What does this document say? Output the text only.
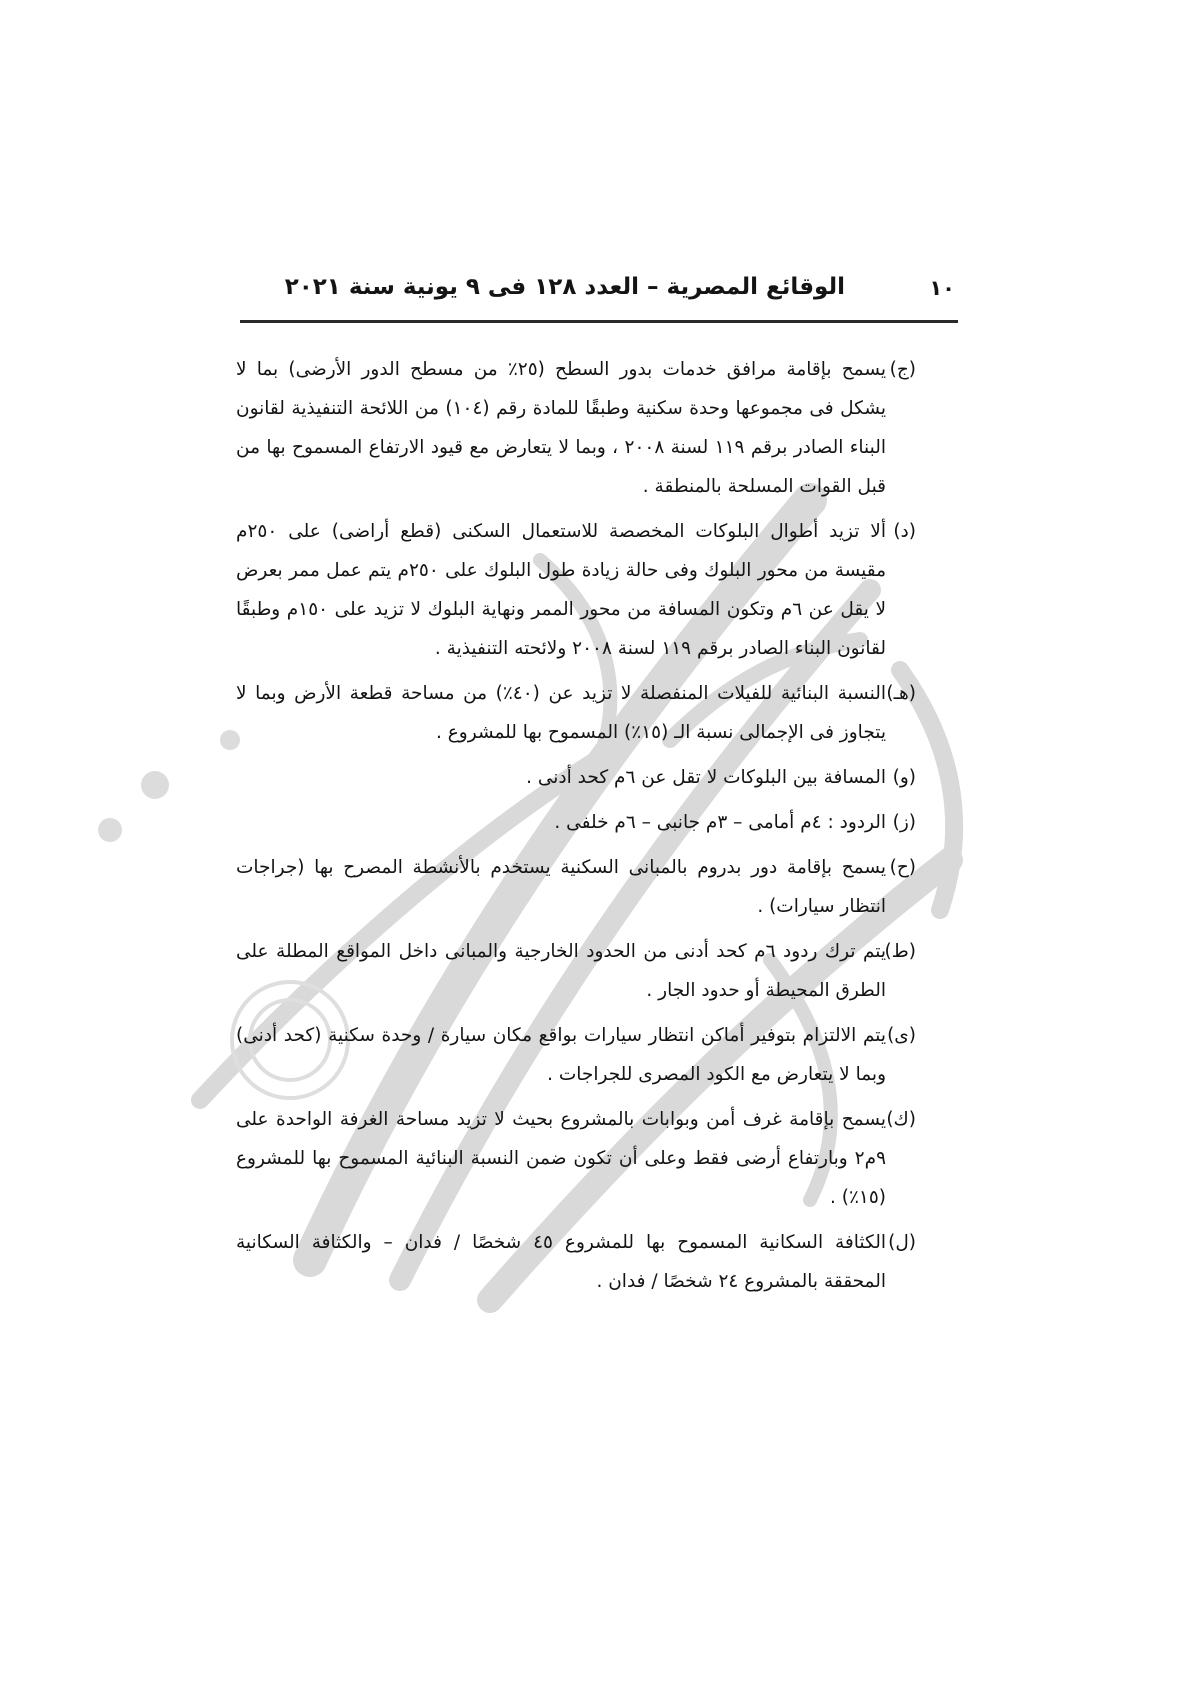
١٠
الوقائع المصرية – العدد ١٢٨ فى ٩ يونية سنة ٢٠٢١
(ج)
يسمح بإقامة مرافق خدمات بدور السطح (٢٥٪ من مسطح الدور الأرضى) بما لا يشكل فى مجموعها وحدة سكنية وطبقًا للمادة رقم (١٠٤) من اللائحة التنفيذية لقانون البناء الصادر برقم ١١٩ لسنة ٢٠٠٨ ، وبما لا يتعارض مع قيود الارتفاع المسموح بها من قبل القوات المسلحة بالمنطقة .
(د)
ألا تزيد أطوال البلوكات المخصصة للاستعمال السكنى (قطع أراضى) على ٢٥٠م مقيسة من محور البلوك وفى حالة زيادة طول البلوك على ٢٥٠م يتم عمل ممر بعرض لا يقل عن ٦م وتكون المسافة من محور الممر ونهاية البلوك لا تزيد على ١٥٠م وطبقًا لقانون البناء الصادر برقم ١١٩ لسنة ٢٠٠٨ ولائحته التنفيذية .
(هـ)
النسبة البنائية للفيلات المنفصلة لا تزيد عن (٤٠٪) من مساحة قطعة الأرض وبما لا يتجاوز فى الإجمالى نسبة الـ (١٥٪) المسموح بها للمشروع .
(و)
المسافة بين البلوكات لا تقل عن ٦م كحد أدنى .
(ز)
الردود : ٤م أمامى – ٣م جانبى – ٦م خلفى .
(ح)
يسمح بإقامة دور بدروم بالمبانى السكنية يستخدم بالأنشطة المصرح بها (جراجات انتظار سيارات) .
(ط)
يتم ترك ردود ٦م كحد أدنى من الحدود الخارجية والمبانى داخل المواقع المطلة على الطرق المحيطة أو حدود الجار .
(ى)
يتم الالتزام بتوفير أماكن انتظار سيارات بواقع مكان سيارة / وحدة سكنية (كحد أدنى) وبما لا يتعارض مع الكود المصرى للجراجات .
(ك)
يسمح بإقامة غرف أمن وبوابات بالمشروع بحيث لا تزيد مساحة الغرفة الواحدة على ٩م٢ وبارتفاع أرضى فقط وعلى أن تكون ضمن النسبة البنائية المسموح بها للمشروع (١٥٪) .
(ل)
الكثافة السكانية المسموح بها للمشروع ٤٥ شخصًا / فدان – والكثافة السكانية المحققة بالمشروع ٢٤ شخصًا / فدان .
